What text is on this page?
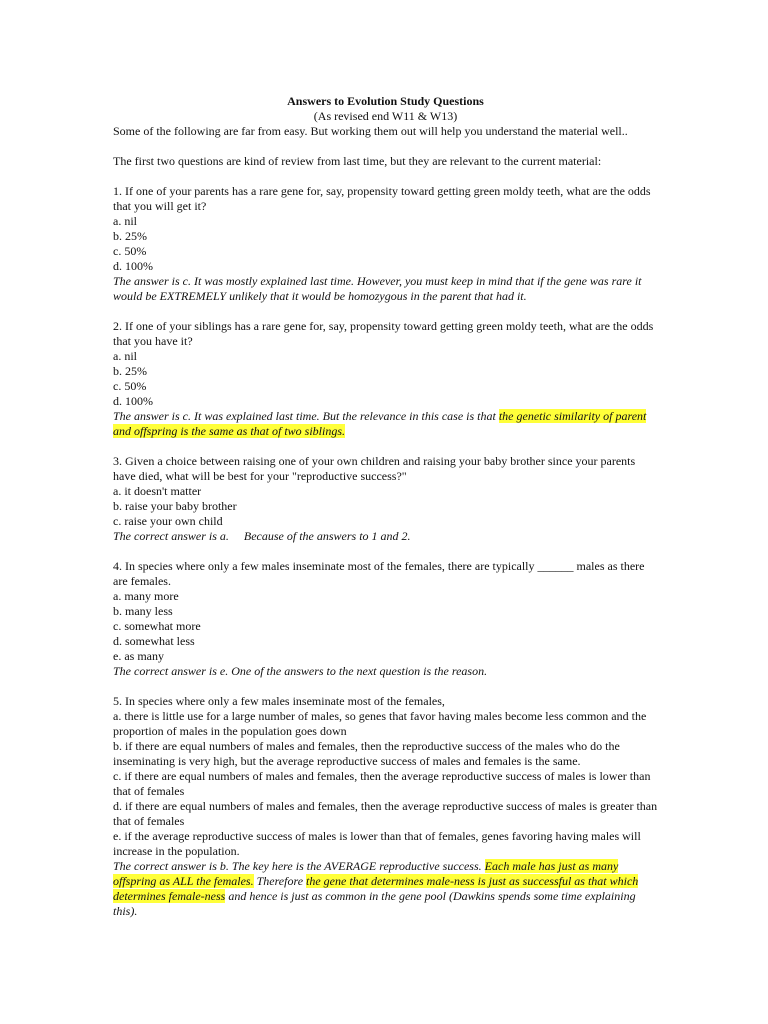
Answers to Evolution Study Questions

(As revised end W11 & W13)

Some of the following are far from easy. But working them out will help you understand the material well..

The first two questions are kind of review from last time, but they are relevant to the current material:

1. If one of your parents has a rare gene for, say, propensity toward getting green moldy teeth, what are the odds that you will get it?

a. nil
b. 25%
c. 50%
d. 100%

The answer is c. It was mostly explained last time. However, you must keep in mind that if the gene was rare it would be EXTREMELY unlikely that it would be homozygous in the parent that had it.

2. If one of your siblings has a rare gene for, say, propensity toward getting green moldy teeth, what are the odds that you have it?

a. nil
b. 25%
c. 50%
d. 100%

The answer is c. It was explained last time. But the relevance in this case is that the genetic similarity of parent and offspring is the same as that of two siblings.

3. Given a choice between raising one of your own children and raising your baby brother since your parents have died, what will be best for your "reproductive success?"

a. it doesn't matter
b. raise your baby brother
c. raise your own child

The correct answer is a.     Because of the answers to 1 and 2.

4. In species where only a few males inseminate most of the females, there are typically ______ males as there are females.

a. many more
b. many less
c. somewhat more
d. somewhat less
e. as many

The correct answer is e. One of the answers to the next question is the reason.

5. In species where only a few males inseminate most of the females,

a. there is little use for a large number of males, so genes that favor having males become less common and the proportion of males in the population goes down
b. if there are equal numbers of males and females, then the reproductive success of the males who do the inseminating is very high, but the average reproductive success of males and females is the same.
c. if there are equal numbers of males and females, then the average reproductive success of males is lower than that of females
d. if there are equal numbers of males and females, then the average reproductive success of males is greater than that of females
e. if the average reproductive success of males is lower than that of females, genes favoring having males will increase in the population.

The correct answer is b. The key here is the AVERAGE reproductive success. Each male has just as many offspring as ALL the females. Therefore the gene that determines male-ness is just as successful as that which determines female-ness and hence is just as common in the gene pool (Dawkins spends some time explaining this).
